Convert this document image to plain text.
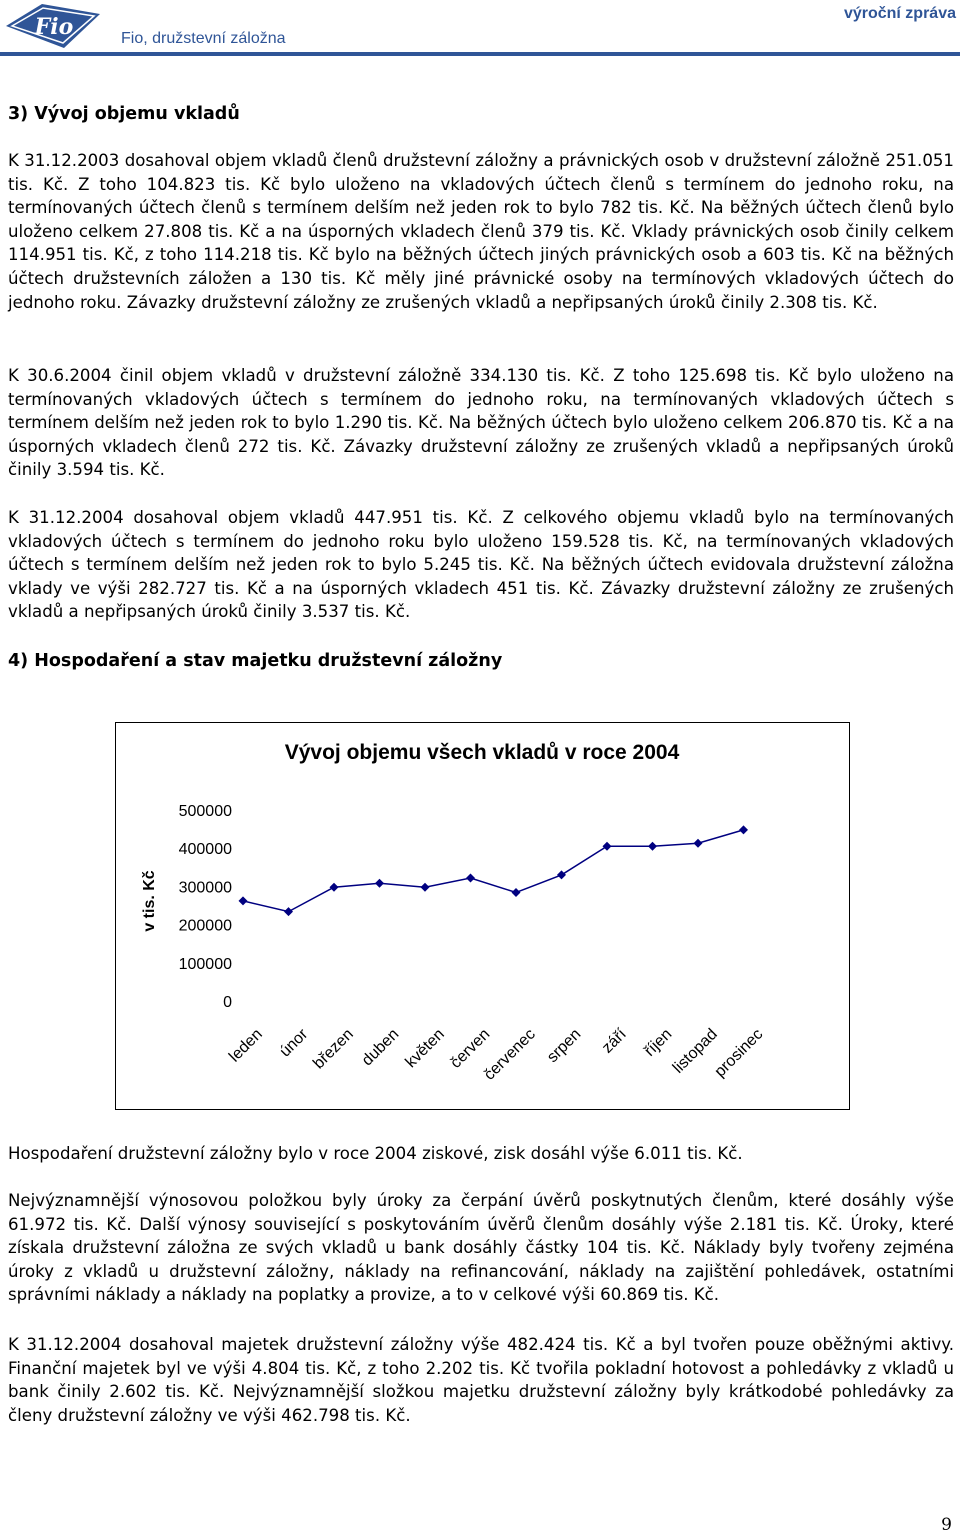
Fio	Fio, družstevní záložna
výroční zpráva
3) Vývoj objemu vkladů

K 31.12.2003 dosahoval objem vkladů členů družstevní záložny a právnických osob v družstevní záložně 251.051 tis. Kč. Z toho 104.823 tis. Kč bylo uloženo na vkladových účtech členů s termínem do jednoho roku, na termínovaných účtech členů s termínem delším než jeden rok to bylo 782 tis. Kč. Na běžných účtech členů bylo uloženo celkem 27.808 tis. Kč a na úsporných vkladech členů 379 tis. Kč. Vklady právnických osob činily celkem 114.951 tis. Kč, z toho 114.218 tis. Kč bylo na běžných účtech jiných právnických osob a 603 tis. Kč na běžných účtech družstevních záložen a 130 tis. Kč měly jiné právnické osoby na termínových vkladových účtech do jednoho roku. Závazky družstevní záložny ze zrušených vkladů a nepřipsaných úroků činily 2.308 tis. Kč.

K 30.6.2004 činil objem vkladů v družstevní záložně 334.130 tis. Kč. Z toho 125.698 tis. Kč bylo uloženo na termínovaných vkladových účtech s termínem do jednoho roku, na termínovaných vkladových účtech s termínem delším než jeden rok to bylo 1.290 tis. Kč. Na běžných účtech bylo uloženo celkem 206.870 tis. Kč a na úsporných vkladech členů 272 tis. Kč. Závazky družstevní záložny ze zrušených vkladů a nepřipsaných úroků činily 3.594 tis. Kč.

K 31.12.2004 dosahoval objem vkladů 447.951 tis. Kč. Z celkového objemu vkladů bylo na termínovaných vkladových účtech s termínem do jednoho roku bylo uloženo 159.528 tis. Kč, na termínovaných vkladových účtech s termínem delším než jeden rok to bylo 5.245 tis. Kč. Na běžných účtech evidovala družstevní záložna vklady ve výši 282.727 tis. Kč a na úsporných vkladech 451 tis. Kč. Závazky družstevní záložny ze zrušených vkladů a nepřipsaných úroků činily 3.537 tis. Kč.

4) Hospodaření a stav majetku družstevní záložny
Vývoj objemu všech vkladů v roce 2004
v tis. Kč
0
100000
200000
300000
400000
500000
leden únor
březen duben květen červen
červenec srpen září říjen
listopad
prosinec

Hospodaření družstevní záložny bylo v roce 2004 ziskové, zisk dosáhl výše 6.011 tis. Kč.

Nejvýznamnější výnosovou položkou byly úroky za čerpání úvěrů poskytnutých členům, které dosáhly výše 61.972 tis. Kč. Další výnosy související s poskytováním úvěrů členům dosáhly výše 2.181 tis. Kč. Úroky, které získala družstevní záložna ze svých vkladů u bank dosáhly částky 104 tis. Kč. Náklady byly tvořeny zejména úroky z vkladů u družstevní záložny, náklady na refinancování, náklady na zajištění pohledávek, ostatními správními náklady a náklady na poplatky a provize, a to v celkové výši 60.869 tis. Kč.

K 31.12.2004 dosahoval majetek družstevní záložny výše 482.424 tis. Kč a byl tvořen pouze oběžnými aktivy. Finanční majetek byl ve výši 4.804 tis. Kč, z toho 2.202 tis. Kč tvořila pokladní hotovost a pohledávky z vkladů u bank činily 2.602 tis. Kč. Nejvýznamnější složkou majetku družstevní záložny byly krátkodobé pohledávky za členy družstevní záložny ve výši 462.798 tis. Kč.

9
